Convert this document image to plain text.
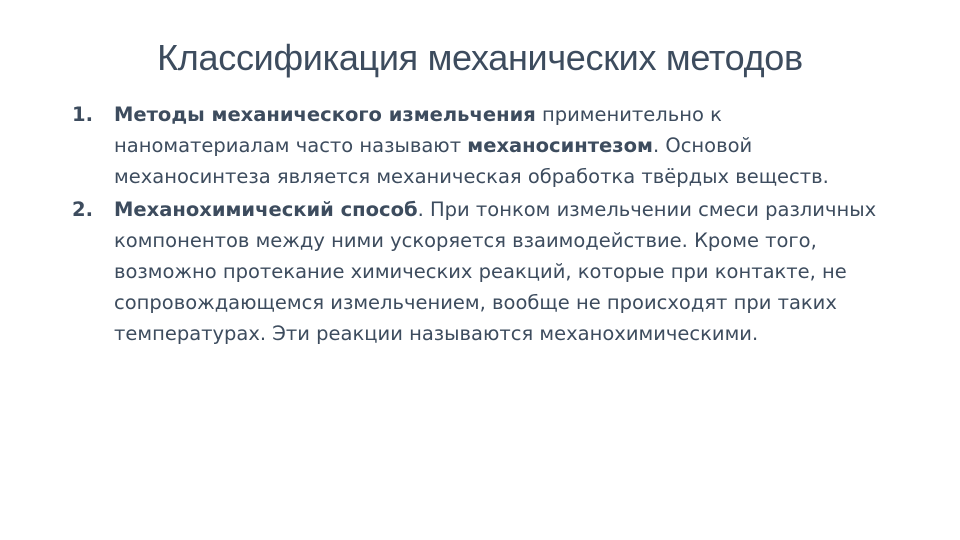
Классификация механических методов
1. Методы механического измельчения применительно к наноматериалам часто называют механосинтезом. Основой механосинтеза является механическая обработка твёрдых веществ.
2. Механохимический способ. При тонком измельчении смеси различных компонентов между ними ускоряется взаимодействие. Кроме того, возможно протекание химических реакций, которые при контакте, не сопровождающемся измельчением, вообще не происходят при таких температурах. Эти реакции называются механохимическими.
